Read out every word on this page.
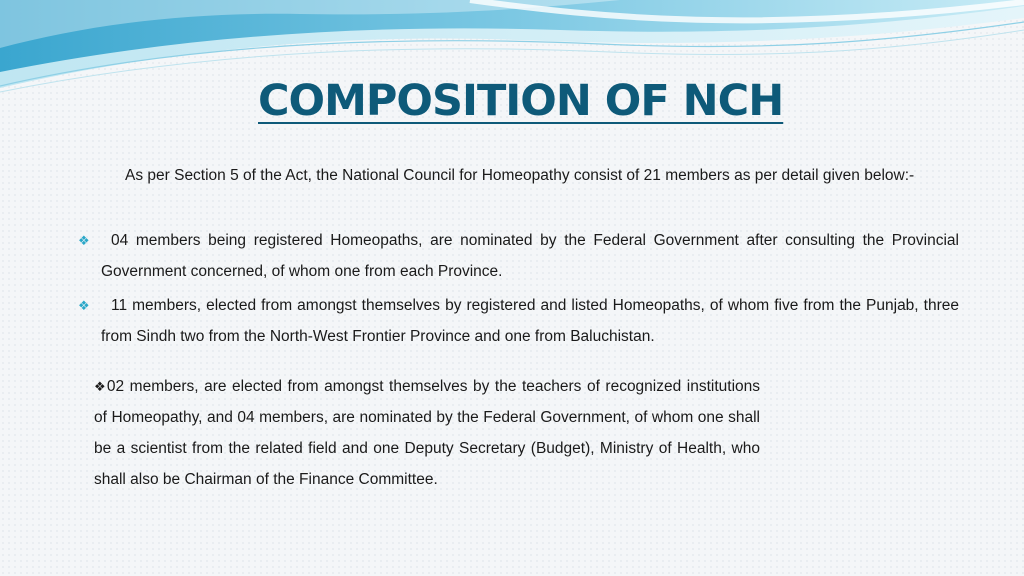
COMPOSITION OF NCH

As per Section 5 of the Act, the National Council for Homeopathy consist of 21 members as per detail given below:-

❖	04 members being registered Homeopaths, are nominated by the Federal Government after consulting the Provincial Government concerned, of whom one from each Province.
❖	11 members, elected from amongst themselves by registered and listed Homeopaths, of whom five from the Punjab, three from Sindh two from the North-West Frontier Province and one from Baluchistan.

❖02 members, are elected from amongst themselves by the teachers of recognized institutions of Homeopathy, and 04 members, are nominated by the Federal Government, of whom one shall be a scientist from the related field and one Deputy Secretary (Budget), Ministry of Health, who shall also be Chairman of the Finance Committee.
